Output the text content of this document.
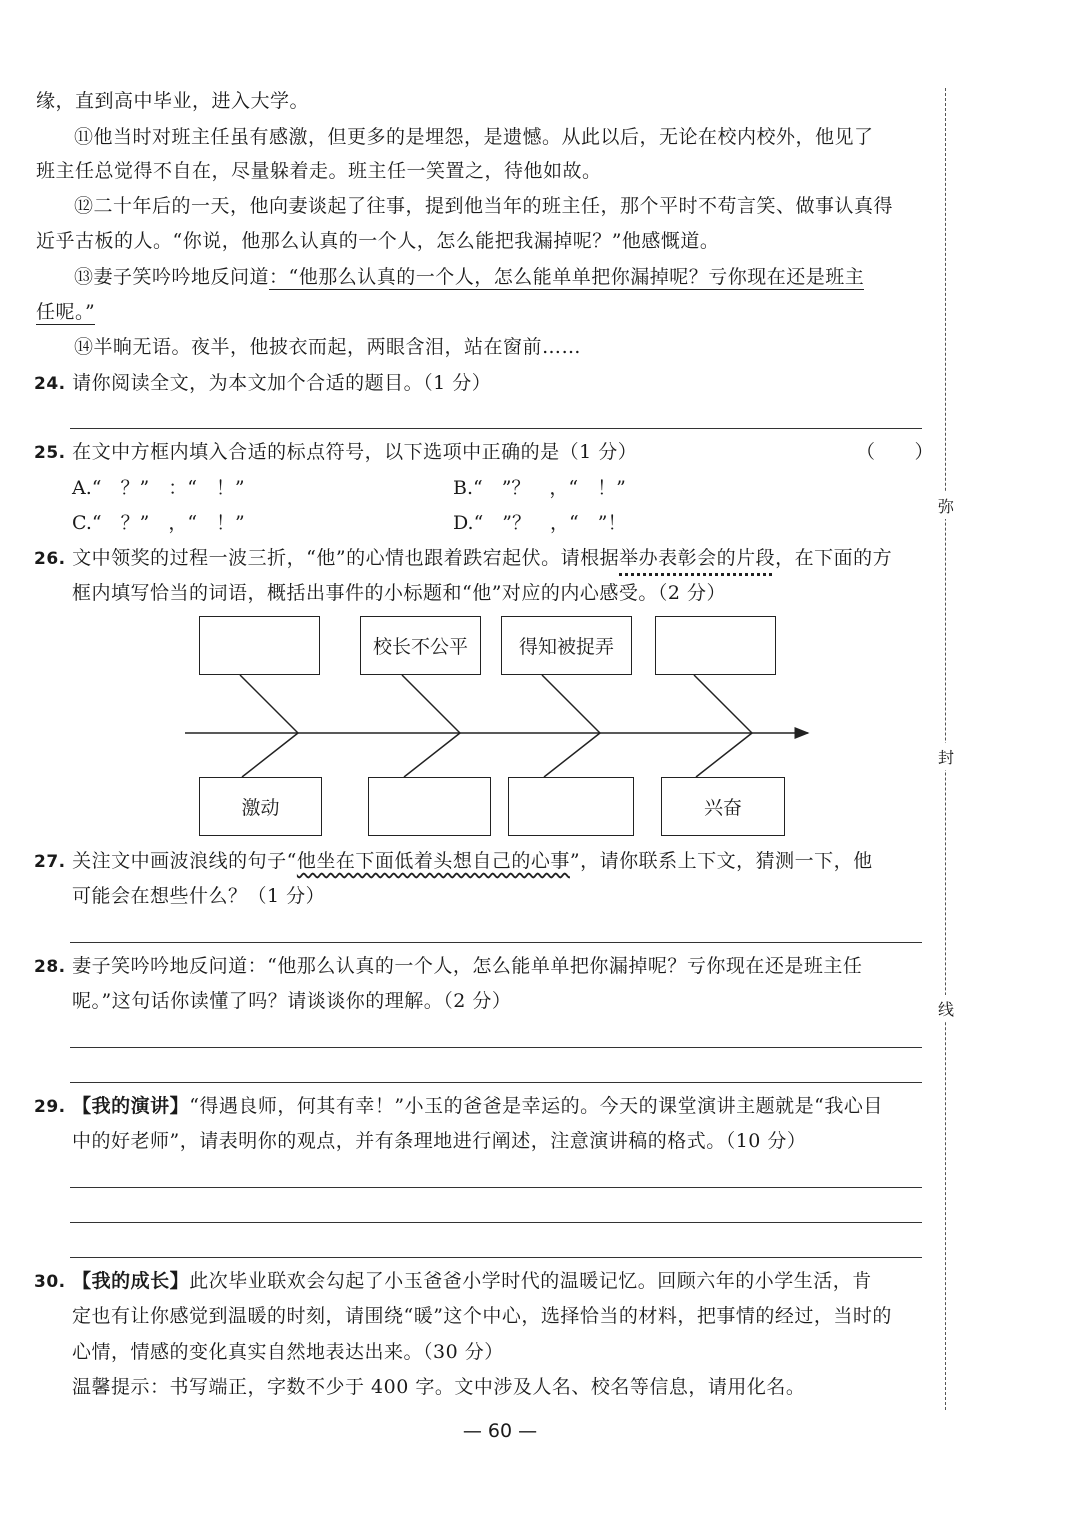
弥
封
线
缘，直到高中毕业，进入大学。
⑪他当时对班主任虽有感激，但更多的是埋怨，是遗憾。从此以后，无论在校内校外，他见了
班主任总觉得不自在，尽量躲着走。班主任一笑置之，待他如故。
⑫二十年后的一天，他向妻谈起了往事，提到他当年的班主任，那个平时不苟言笑、做事认真得
近乎古板的人。“你说，他那么认真的一个人，怎么能把我漏掉呢？”他感慨道。
⑬妻子笑吟吟地反问道：“他那么认真的一个人，怎么能单单把你漏掉呢？亏你现在还是班主
任呢。”
⑭半晌无语。夜半，他披衣而起，两眼含泪，站在窗前……
24. 请你阅读全文，为本文加个合适的题目。（1 分）
25. 在文中方框内填入合适的标点符号，以下选项中正确的是（1 分）	（　　）
A.“　？”　：“　！”	B.“　”？　，“　！”
C.“　？”　，“　！”	D.“　”？　，“　”！
26. 文中领奖的过程一波三折，“他”的心情也跟着跌宕起伏。请根据举办表彰会的片段，在下面的方
框内填写恰当的词语，概括出事件的小标题和“他”对应的内心感受。（2 分）
校长不公平	得知被捉弄
激动	兴奋
27. 关注文中画波浪线的句子“他坐在下面低着头想自己的心事”，请你联系上下文，猜测一下，他
可能会在想些什么？（1 分）
28. 妻子笑吟吟地反问道：“他那么认真的一个人，怎么能单单把你漏掉呢？亏你现在还是班主任
呢。”这句话你读懂了吗？请谈谈你的理解。（2 分）
29. 【我的演讲】“得遇良师，何其有幸！”小玉的爸爸是幸运的。今天的课堂演讲主题就是“我心目
中的好老师”，请表明你的观点，并有条理地进行阐述，注意演讲稿的格式。（10 分）
30. 【我的成长】此次毕业联欢会勾起了小玉爸爸小学时代的温暖记忆。回顾六年的小学生活，肯
定也有让你感觉到温暖的时刻，请围绕“暖”这个中心，选择恰当的材料，把事情的经过，当时的
心情，情感的变化真实自然地表达出来。（30 分）
温馨提示：书写端正，字数不少于 400 字。文中涉及人名、校名等信息，请用化名。
— 60 —
